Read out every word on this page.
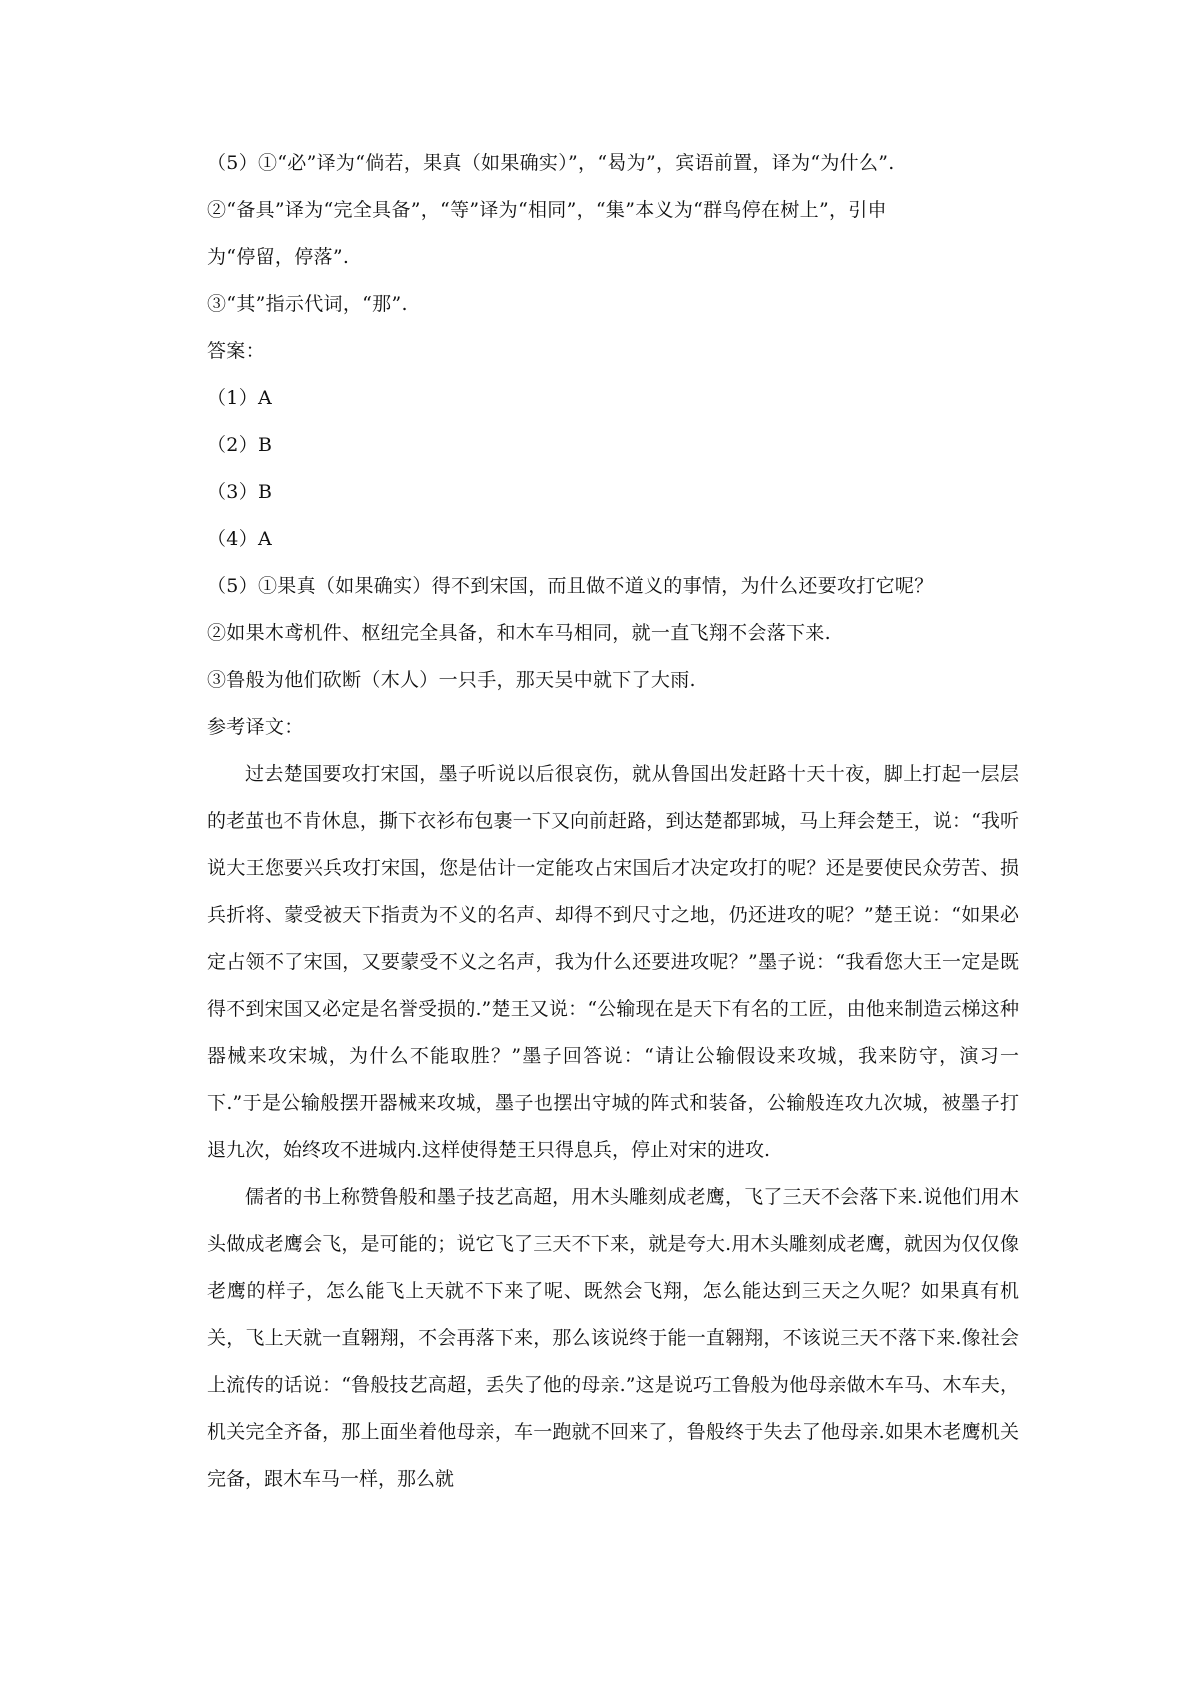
（5）①“必”译为“倘若，果真（如果确实）”，“曷为”，宾语前置，译为“为什么”.
②“备具”译为“完全具备”，“等”译为“相同”，“集”本义为“群鸟停在树上”，引申
为“停留，停落”.
③“其”指示代词，“那”.
答案：
（1）A
（2）B
（3）B
（4）A
（5）①果真（如果确实）得不到宋国，而且做不道义的事情，为什么还要攻打它呢？
②如果木鸢机件、枢纽完全具备，和木车马相同，就一直飞翔不会落下来.
③鲁般为他们砍断（木人）一只手，那天吴中就下了大雨.
参考译文：

过去楚国要攻打宋国，墨子听说以后很哀伤，就从鲁国出发赶路十天十夜，脚上打起一层层的老茧也不肯休息，撕下衣衫布包裹一下又向前赶路，到达楚都郢城，马上拜会楚王，说：“我听说大王您要兴兵攻打宋国，您是估计一定能攻占宋国后才决定攻打的呢？还是要使民众劳苦、损兵折将、蒙受被天下指责为不义的名声、却得不到尺寸之地，仍还进攻的呢？”楚王说：“如果必定占领不了宋国，又要蒙受不义之名声，我为什么还要进攻呢？”墨子说：“我看您大王一定是既得不到宋国又必定是名誉受损的.”楚王又说：“公输现在是天下有名的工匠，由他来制造云梯这种器械来攻宋城，为什么不能取胜？”墨子回答说：“请让公输假设来攻城，我来防守，演习一下.”于是公输般摆开器械来攻城，墨子也摆出守城的阵式和装备，公输般连攻九次城，被墨子打退九次，始终攻不进城内.这样使得楚王只得息兵，停止对宋的进攻.

儒者的书上称赞鲁般和墨子技艺高超，用木头雕刻成老鹰，飞了三天不会落下来.说他们用木头做成老鹰会飞，是可能的；说它飞了三天不下来，就是夸大.用木头雕刻成老鹰，就因为仅仅像老鹰的样子，怎么能飞上天就不下来了呢、既然会飞翔，怎么能达到三天之久呢？如果真有机关，飞上天就一直翱翔，不会再落下来，那么该说终于能一直翱翔，不该说三天不落下来.像社会上流传的话说：“鲁般技艺高超，丢失了他的母亲.”这是说巧工鲁般为他母亲做木车马、木车夫，机关完全齐备，那上面坐着他母亲，车一跑就不回来了，鲁般终于失去了他母亲.如果木老鹰机关完备，跟木车马一样，那么就
